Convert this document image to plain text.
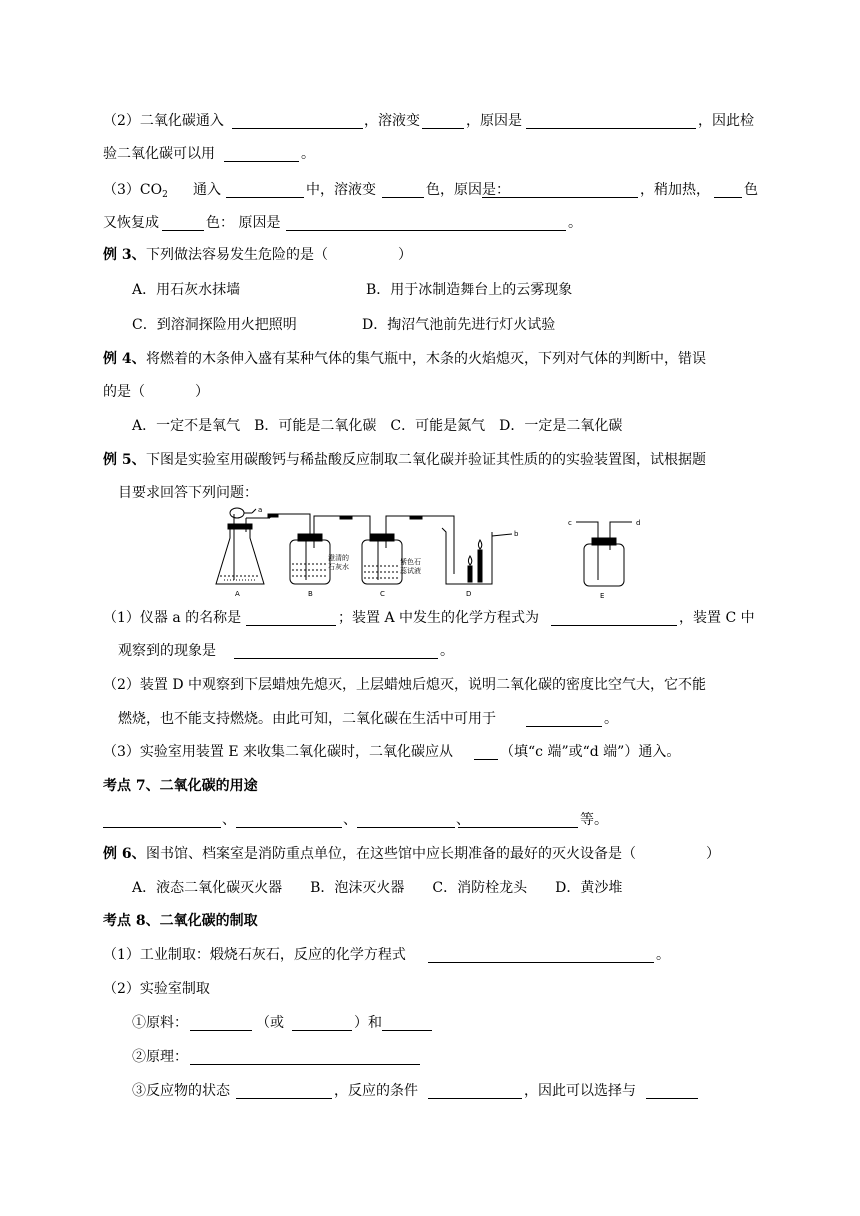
（2）二氧化碳通入	，溶液变	，原因是	，因此检
验二氧化碳可以用	。
$(3)CO_2$ 通入	中，溶液变	色，原因是：	，稍加热， 色
又恢复成	色： 原因是	。
例 3、 下列做法容易发生危险的是（	）
A．用石灰水抹墙	B．用于冰制造舞台上的云雾现象
C．到溶洞探险用火把照明	D．掏沼气池前先进行灯火试验
例 4、 将燃着的木条伸入盛有某种气体的集气瓶中，木条的火焰熄灭，下列对气体的判断中，错误
的是（	）
A．一定不是氧气　B．可能是二氧化碳　C．可能是氮气　D．一定是二氧化碳
例 5、 下图是实验室用碳酸钙与稀盐酸反应制取二氧化碳并验证其性质的的实验装置图，试根据题
目要求回答下列问题：
a
A
澄清的
石灰水
B
紫色石
蕊试液
C
b
D
c	d
E
（1）仪器 a 的名称是	；装置 A 中发生的化学方程式为	，装置 C 中
观察到的现象是	。
（2）装置 D 中观察到下层蜡烛先熄灭，上层蜡烛后熄灭，说明二氧化碳的密度比空气大，它不能
燃烧，也不能支持燃烧。由此可知，二氧化碳在生活中可用于	。
（3）实验室用装置 E 来收集二氧化碳时，二氧化碳应从	（填“c 端”或“d 端”）通入。
考点 7、二氧化碳的用途
、	、	、	等。
例 6、 图书馆、档案室是消防重点单位，在这些馆中应长期准备的最好的灭火设备是（	）
A．液态二氧化碳灭火器　　B．泡沫灭火器　　C．消防栓龙头　　D．黄沙堆
考点 8、二氧化碳的制取
（1）工业制取：煅烧石灰石，反应的化学方程式	。
（2）实验室制取
①原料：	（或	）和
②原理：
③反应物的状态	，反应的条件	，因此可以选择与
